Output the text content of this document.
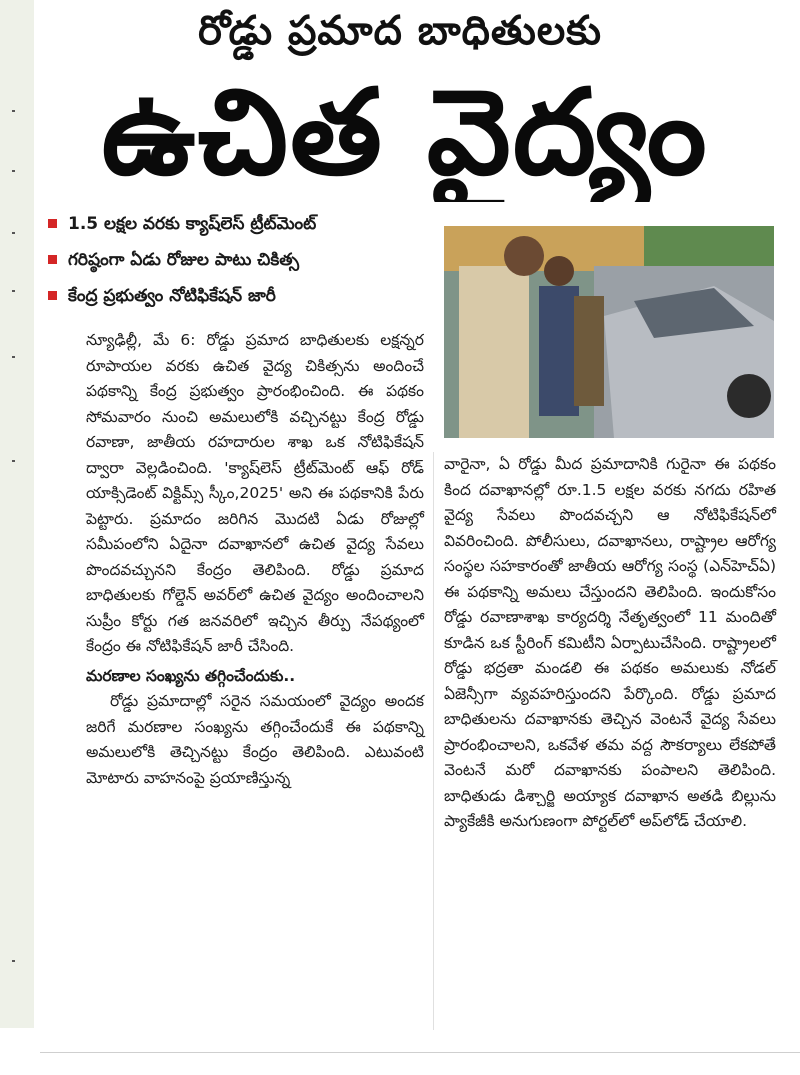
రోడ్డు ప్రమాద బాధితులకు
ఉచిత వైద్యం
1.5 లక్షల వరకు క్యాష్‌లెస్ ట్రీట్‌మెంట్
గరిష్ఠంగా ఏడు రోజుల పాటు చికిత్స
కేంద్ర ప్రభుత్వం నోటిఫికేషన్ జారీ

న్యూఢిల్లీ, మే 6: రోడ్డు ప్రమాద బాధితులకు లక్షన్నర రూపాయల వరకు ఉచిత వైద్య చికిత్సను అందించే పథకాన్ని కేంద్ర ప్రభుత్వం ప్రారంభించింది. ఈ పథకం సోమవారం నుంచి అమలులోకి వచ్చినట్టు కేంద్ర రోడ్డు రవాణా, జాతీయ రహదారుల శాఖ ఒక నోటిఫికేషన్ ద్వారా వెల్లడించింది. 'క్యాష్‌లెస్ ట్రీట్‌మెంట్ ఆఫ్ రోడ్ యాక్సిడెంట్ విక్టిమ్స్ స్కీం,2025' అని ఈ పథకానికి పేరు పెట్టారు. ప్రమాదం జరిగిన మొదటి ఏడు రోజుల్లో సమీపంలోని ఏదైనా దవాఖానలో ఉచిత వైద్య సేవలు పొందవచ్చునని కేంద్రం తెలిపింది. రోడ్డు ప్రమాద బాధితులకు గోల్డెన్ అవర్‌లో ఉచిత వైద్యం అందించాలని సుప్రీం కోర్టు గత జనవరిలో ఇచ్చిన తీర్పు నేపథ్యంలో కేంద్రం ఈ నోటిఫికేషన్ జారీ చేసింది.

మరణాల సంఖ్యను తగ్గించేందుకు..

రోడ్డు ప్రమాదాల్లో సరైన సమయంలో వైద్యం అందక జరిగే మరణాల సంఖ్యను తగ్గించేందుకే ఈ పథకాన్ని అమలులోకి తెచ్చినట్టు కేంద్రం తెలిపింది. ఎటువంటి మోటారు వాహనంపై ప్రయాణిస్తున్న

వారైనా, ఏ రోడ్డు మీద ప్రమాదానికి గురైనా ఈ పథకం కింద దవాఖానల్లో రూ.1.5 లక్షల వరకు నగదు రహిత వైద్య సేవలు పొందవచ్చని ఆ నోటిఫికేషన్‌లో వివరించింది. పోలీసులు, దవాఖానలు, రాష్ట్రాల ఆరోగ్య సంస్థల సహకారంతో జాతీయ ఆరోగ్య సంస్థ (ఎన్‌హెచ్‌ఏ) ఈ పథకాన్ని అమలు చేస్తుందని తెలిపింది. ఇందుకోసం రోడ్డు రవాణాశాఖ కార్యదర్శి నేతృత్వంలో 11 మందితో కూడిన ఒక స్టీరింగ్ కమిటీని ఏర్పాటుచేసింది. రాష్ట్రాలలో రోడ్డు భద్రతా మండలి ఈ పథకం అమలుకు నోడల్ ఏజెన్సీగా వ్యవహరిస్తుందని పేర్కొంది. రోడ్డు ప్రమాద బాధితులను దవాఖానకు తెచ్చిన వెంటనే వైద్య సేవలు ప్రారంభించాలని, ఒకవేళ తమ వద్ద సౌకర్యాలు లేకపోతే వెంటనే మరో దవాఖానకు పంపాలని తెలిపింది. బాధితుడు డిశ్చార్జి అయ్యాక దవాఖాన అతడి బిల్లును ప్యాకేజీకి అనుగుణంగా పోర్టల్‌లో అప్‌లోడ్ చేయాలి.
